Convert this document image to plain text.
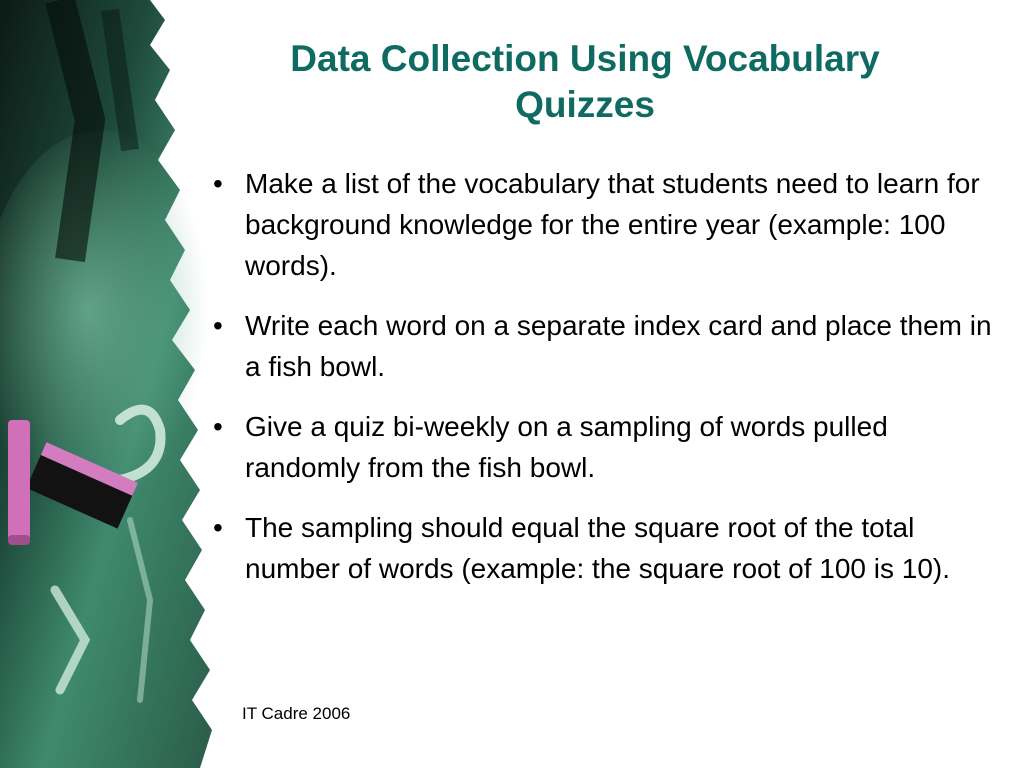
Data Collection Using Vocabulary Quizzes
• Make a list of the vocabulary that students need to learn for background knowledge for the entire year (example: 100 words).
• Write each word on a separate index card and place them in a fish bowl.
• Give a quiz bi-weekly on a sampling of words pulled randomly from the fish bowl.
• The sampling should equal the square root of the total number of words (example: the square root of 100 is 10).
IT Cadre 2006
